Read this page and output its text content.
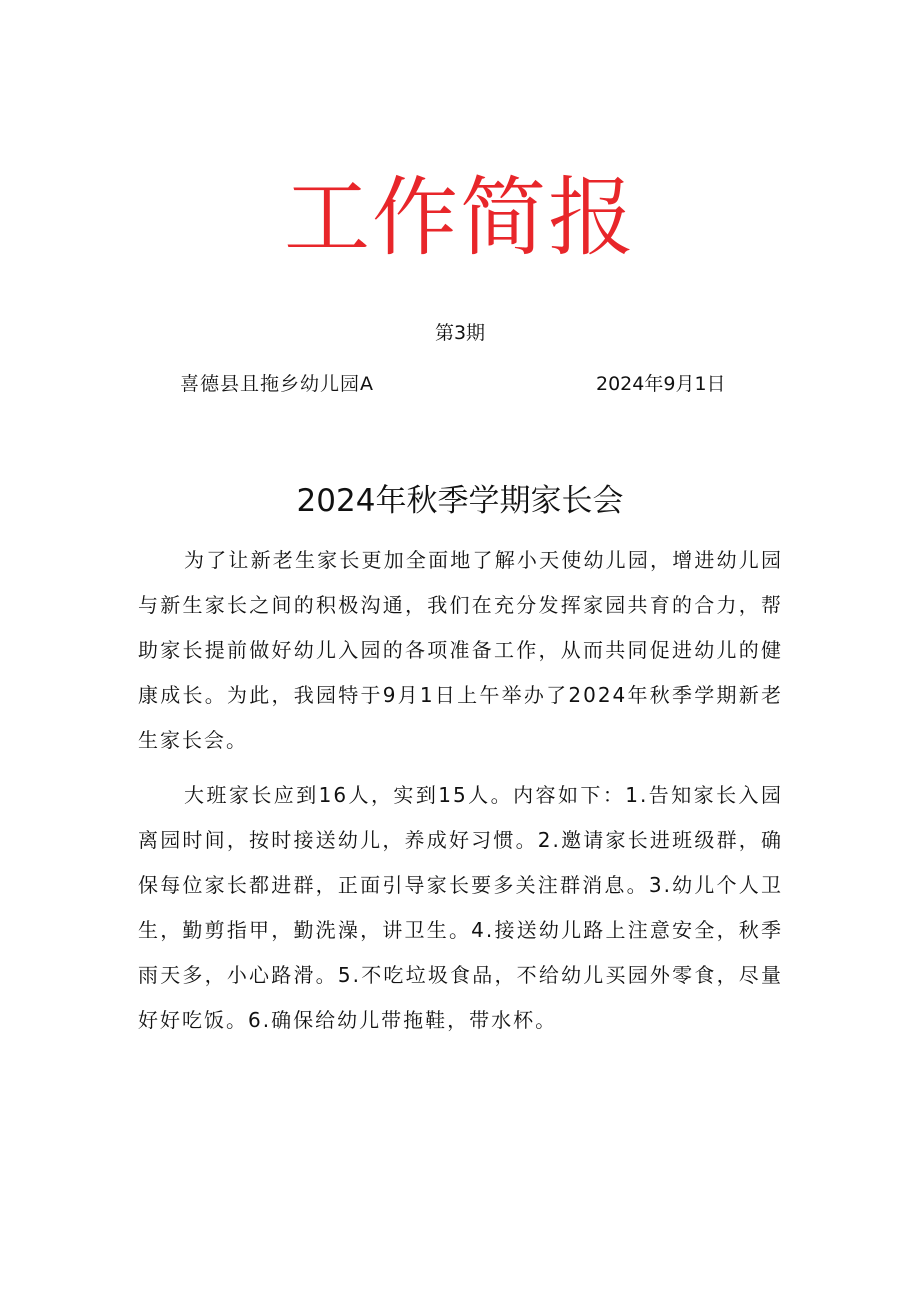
工作简报
第3期
喜德县且拖乡幼儿园A	2024年9月1日
2024年秋季学期家长会

为了让新老生家长更加全面地了解小天使幼儿园，增进幼儿园与新生家长之间的积极沟通，我们在充分发挥家园共育的合力，帮助家长提前做好幼儿入园的各项准备工作，从而共同促进幼儿的健康成长。为此，我园特于9月1日上午举办了2024年秋季学期新老生家长会。

大班家长应到16人，实到15人。内容如下：1.告知家长入园离园时间，按时接送幼儿，养成好习惯。2.邀请家长进班级群，确保每位家长都进群，正面引导家长要多关注群消息。3.幼儿个人卫生，勤剪指甲，勤洗澡，讲卫生。4.接送幼儿路上注意安全，秋季雨天多，小心路滑。5.不吃垃圾食品，不给幼儿买园外零食，尽量好好吃饭。6.确保给幼儿带拖鞋，带水杯。
